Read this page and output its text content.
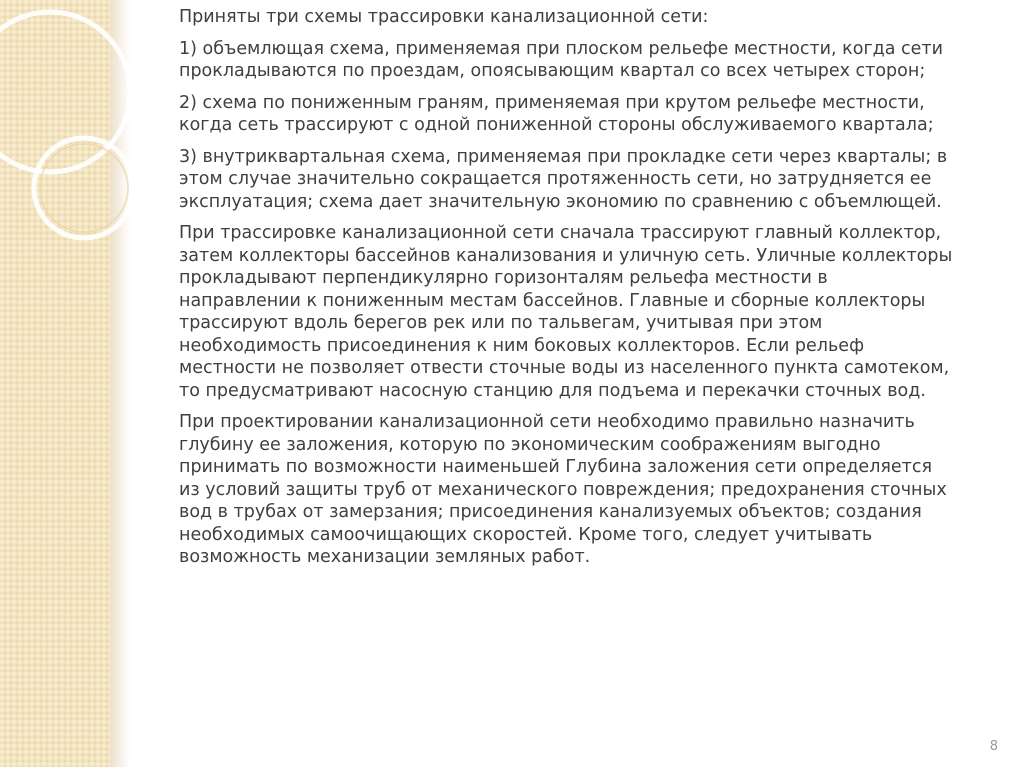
Приняты три схемы трассировки канализационной сети:

1) объемлющая схема, применяемая при плоском рельефе местности, когда сети
прокладываются по проездам, опоясывающим квартал со всех четырех сторон;

2) схема по пониженным граням, применяемая при крутом рельефе местности,
когда сеть трассируют с одной пониженной стороны обслуживаемого квартала;

3) внутриквартальная схема, применяемая при прокладке сети через кварталы; в
этом случае значительно сокращается протяженность сети, но затрудняется ее
эксплуатация; схема дает значительную экономию по сравнению с объемлющей.

При трассировке канализационной сети сначала трассируют главный коллектор,
затем коллекторы бассейнов канализования и уличную сеть. Уличные коллекторы
прокладывают перпендикулярно горизонталям рельефа местности в
направлении к пониженным местам бассейнов. Главные и сборные коллекторы
трассируют вдоль берегов рек или по тальвегам, учитывая при этом
необходимость присоединения к ним боковых коллекторов. Если рельеф
местности не позволяет отвести сточные воды из населенного пункта самотеком,
то предусматривают насосную станцию для подъема и перекачки сточных вод.

При проектировании канализационной сети необходимо правильно назначить
глубину ее заложения, которую по экономическим соображениям выгодно
принимать по возможности наименьшей Глубина заложения сети определяется
из условий защиты труб от механического повреждения; предохранения сточных
вод в трубах от замерзания; присоединения канализуемых объектов; создания
необходимых самоочищающих скоростей. Кроме того, следует учитывать
возможность механизации земляных работ.

8
